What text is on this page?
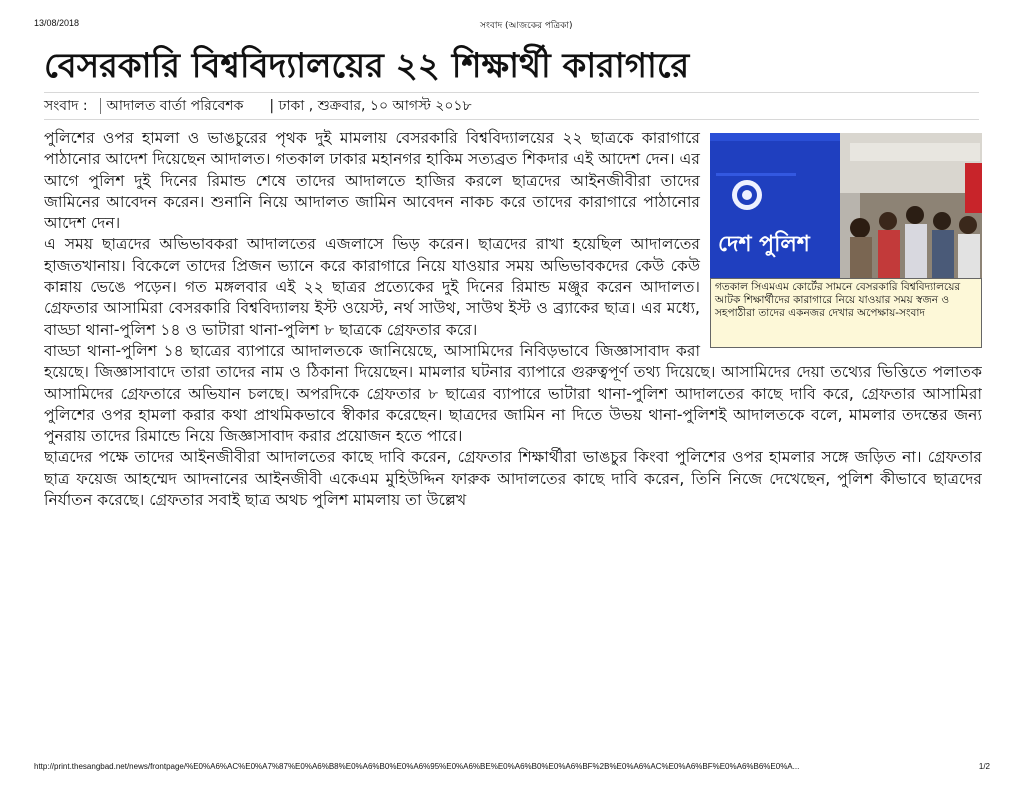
13/08/2018	সংবাদ (আজকের পত্রিকা)
বেসরকারি বিশ্ববিদ্যালয়ের ২২ শিক্ষার্থী কারাগারে
সংবাদ : আদালত বার্তা পরিবেশক | ঢাকা , শুক্রবার, ১০ আগস্ট ২০১৮
দেশ পুলিশ
গতকাল সিএমএম কোর্টের সামনে বেসরকারি বিশ্ববিদ্যালয়ের আটক শিক্ষার্থীদের কারাগারে নিয়ে যাওয়ার সময় স্বজন ও সহপাঠীরা তাদের একনজর দেখার অপেক্ষায়-সংবাদ

পুলিশের ওপর হামলা ও ভাঙচুরের পৃথক দুই মামলায় বেসরকারি বিশ্ববিদ্যালয়ের ২২ ছাত্রকে কারাগারে পাঠানোর আদেশ দিয়েছেন আদালত। গতকাল ঢাকার মহানগর হাকিম সত্যব্রত শিকদার এই আদেশ দেন। এর আগে পুলিশ দুই দিনের রিমান্ড শেষে তাদের আদালতে হাজির করলে ছাত্রদের আইনজীবীরা তাদের জামিনের আবেদন করেন। শুনানি নিয়ে আদালত জামিন আবেদন নাকচ করে তাদের কারাগারে পাঠানোর আদেশ দেন।

এ সময় ছাত্রদের অভিভাবকরা আদালতের এজলাসে ভিড় করেন। ছাত্রদের রাখা হয়েছিল আদালতের হাজতখানায়। বিকেলে তাদের প্রিজন ভ্যানে করে কারাগারে নিয়ে যাওয়ার সময় অভিভাবকদের কেউ কেউ কান্নায় ভেঙে পড়েন। গত মঙ্গলবার এই ২২ ছাত্রর প্রত্যেকের দুই দিনের রিমান্ড মঞ্জুর করেন আদালত। গ্রেফতার আসামিরা বেসরকারি বিশ্ববিদ্যালয় ইস্ট ওয়েস্ট, নর্থ সাউথ, সাউথ ইস্ট ও ব্র্যাকের ছাত্র। এর মধ্যে, বাড্ডা থানা-পুলিশ ১৪ ও ভাটারা থানা-পুলিশ ৮ ছাত্রকে গ্রেফতার করে।

বাড্ডা থানা-পুলিশ ১৪ ছাত্রের ব্যাপারে আদালতকে জানিয়েছে, আসামিদের নিবিড়ভাবে জিজ্ঞাসাবাদ করা হয়েছে। জিজ্ঞাসাবাদে তারা তাদের নাম ও ঠিকানা দিয়েছেন। মামলার ঘটনার ব্যাপারে গুরুত্বপূর্ণ তথ্য দিয়েছে। আসামিদের দেয়া তথ্যের ভিত্তিতে পলাতক আসামিদের গ্রেফতারে অভিযান চলছে। অপরদিকে গ্রেফতার ৮ ছাত্রের ব্যাপারে ভাটারা থানা-পুলিশ আদালতের কাছে দাবি করে, গ্রেফতার আসামিরা পুলিশের ওপর হামলা করার কথা প্রাথমিকভাবে স্বীকার করেছেন। ছাত্রদের জামিন না দিতে উভয় থানা-পুলিশই আদালতকে বলে, মামলার তদন্তের জন্য পুনরায় তাদের রিমান্ডে নিয়ে জিজ্ঞাসাবাদ করার প্রয়োজন হতে পারে।

ছাত্রদের পক্ষে তাদের আইনজীবীরা আদালতের কাছে দাবি করেন, গ্রেফতার শিক্ষার্থীরা ভাঙচুর কিংবা পুলিশের ওপর হামলার সঙ্গে জড়িত না। গ্রেফতার ছাত্র ফয়েজ আহম্মেদ আদনানের আইনজীবী একেএম মুহিউদ্দিন ফারুক আদালতের কাছে দাবি করেন, তিনি নিজে দেখেছেন, পুলিশ কীভাবে ছাত্রদের নির্যাতন করেছে। গ্রেফতার সবাই ছাত্র অথচ পুলিশ মামলায় তা উল্লেখ

http://print.thesangbad.net/news/frontpage/%E0%A6%AC%E0%A7%87%E0%A6%B8%E0%A6%B0%E0%A6%95%E0%A6%BE%E0%A6%B0%E0%A6%BF%2B%E0%A6%AC%E0%A6%BF%E0%A6%B6%E0%A...	1/2
